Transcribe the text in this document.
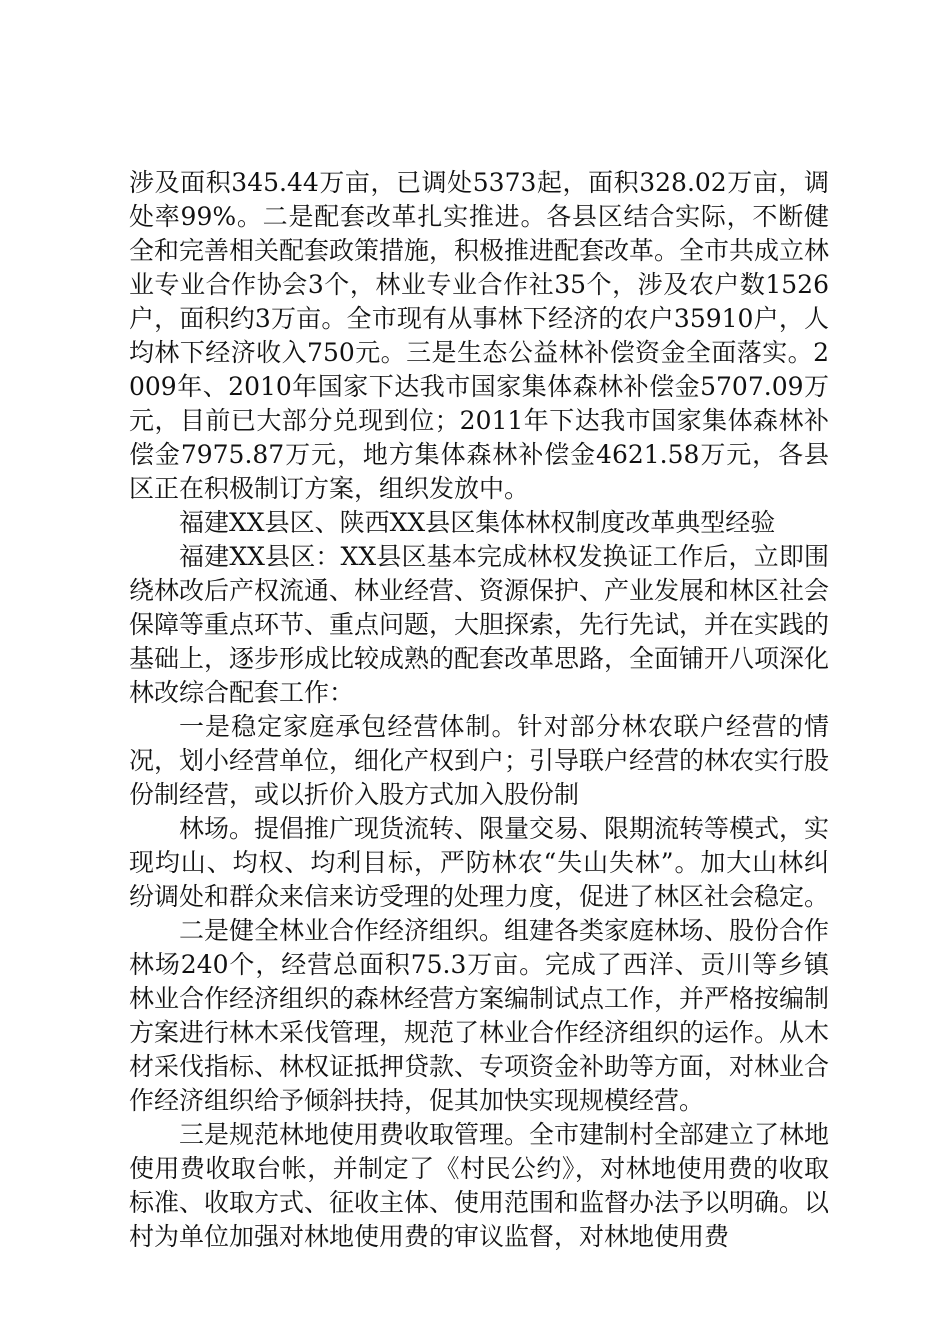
涉及面积345.44万亩，已调处5373起，面积328.02万亩，调处率99%。二是配套改革扎实推进。各县区结合实际，不断健全和完善相关配套政策措施，积极推进配套改革。全市共成立林业专业合作协会3个，林业专业合作社35个，涉及农户数1526户，面积约3万亩。全市现有从事林下经济的农户35910户，人均林下经济收入750元。三是生态公益林补偿资金全面落实。2009年、2010年国家下达我市国家集体森林补偿金5707.09万元，目前已大部分兑现到位；2011年下达我市国家集体森林补偿金7975.87万元，地方集体森林补偿金4621.58万元，各县区正在积极制订方案，组织发放中。

福建XX县区、陕西XX县区集体林权制度改革典型经验

福建XX县区：XX县区基本完成林权发换证工作后，立即围绕林改后产权流通、林业经营、资源保护、产业发展和林区社会保障等重点环节、重点问题，大胆探索，先行先试，并在实践的基础上，逐步形成比较成熟的配套改革思路，全面铺开八项深化林改综合配套工作：

一是稳定家庭承包经营体制。针对部分林农联户经营的情况，划小经营单位，细化产权到户；引导联户经营的林农实行股份制经营，或以折价入股方式加入股份制

林场。提倡推广现货流转、限量交易、限期流转等模式，实现均山、均权、均利目标，严防林农“失山失林”。加大山林纠纷调处和群众来信来访受理的处理力度，促进了林区社会稳定。

二是健全林业合作经济组织。组建各类家庭林场、股份合作林场240个，经营总面积75.3万亩。完成了西洋、贡川等乡镇林业合作经济组织的森林经营方案编制试点工作，并严格按编制方案进行林木采伐管理，规范了林业合作经济组织的运作。从木材采伐指标、林权证抵押贷款、专项资金补助等方面，对林业合作经济组织给予倾斜扶持，促其加快实现规模经营。

三是规范林地使用费收取管理。全市建制村全部建立了林地使用费收取台帐，并制定了《村民公约》，对林地使用费的收取标准、收取方式、征收主体、使用范围和监督办法予以明确。以村为单位加强对林地使用费的审议监督，对林地使用费
